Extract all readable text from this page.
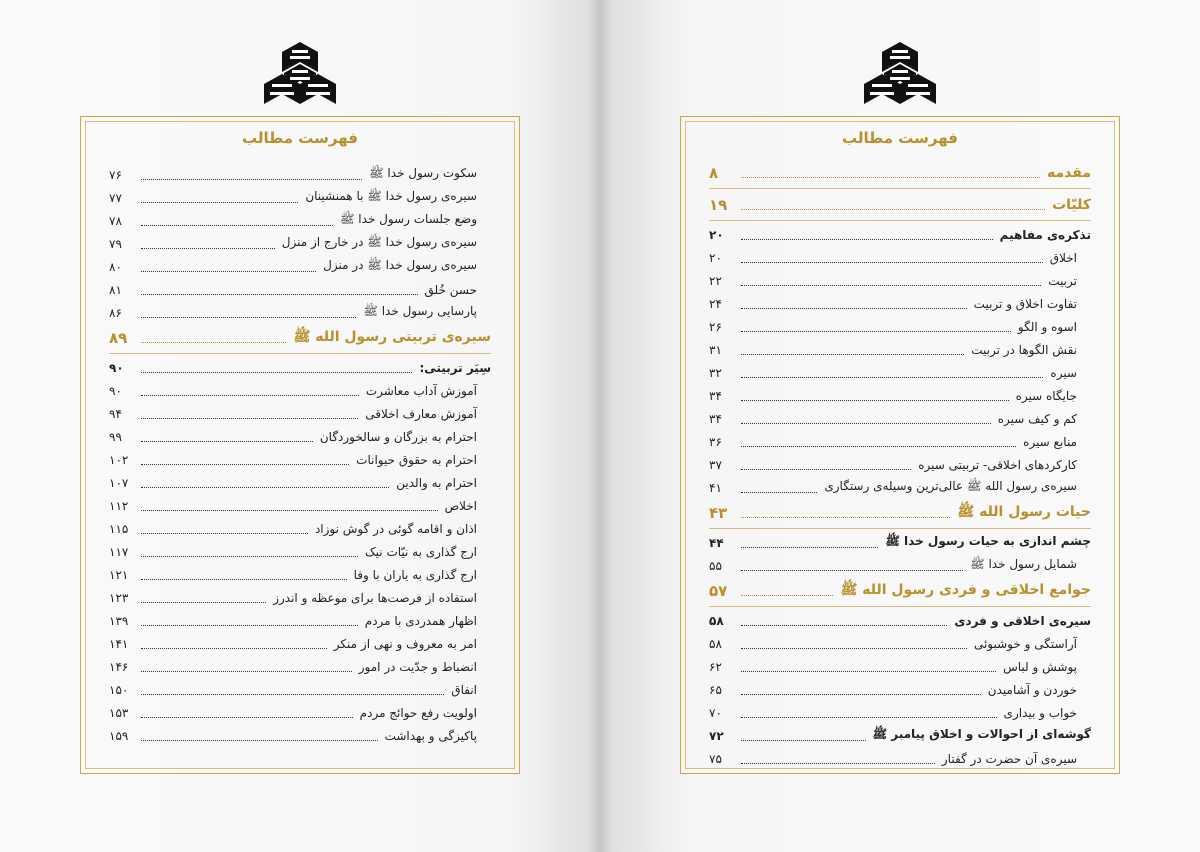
فهرست مطالب
سکوت رسول خدا ﷺ
۷۶
سیره‌ی رسول خدا ﷺ با همنشینان
۷۷
وضع جلسات رسول خدا ﷺ
۷۸
سیره‌ی رسول خدا ﷺ در خارج از منزل
۷۹
سیره‌ی رسول خدا ﷺ در منزل
۸۰
حسن خُلق
۸۱
پارسایی رسول خدا ﷺ
۸۶
سیره‌ی تربیتی رسول الله ﷺ
۸۹
سِیَر تربیتی:
۹۰
آموزش آداب معاشرت
۹۰
آموزش معارف اخلاقی
۹۴
احترام به بزرگان و سالخوردگان
۹۹
احترام به حقوق حیوانات
۱۰۲
احترام به والدین
۱۰۷
اخلاص
۱۱۲
اذان و اقامه گوئی در گوش نوزاد
۱۱۵
ارج گذاری به نیّات نیک
۱۱۷
ارج گذاری به یاران با وفا
۱۲۱
استفاده از فرصت‌ها برای موعظه و اندرز
۱۲۳
اظهار همدردی با مردم
۱۳۹
امر به معروف و نهی از منکر
۱۴۱
انضباط و جدّیت در امور
۱۴۶
انفاق
۱۵۰
اولویت رفع حوائج مردم
۱۵۳
پاکیزگی و بهداشت
۱۵۹
فهرست مطالب
مقدمه
۸
کلیّات
۱۹
تذکره‌ی مفاهیم
۲۰
اخلاق
۲۰
تربیت
۲۲
تفاوت اخلاق و تربیت
۲۴
اسوه و الگو
۲۶
نقش الگوها در تربیت
۳۱
سیره
۳۲
جایگاه سیره
۳۴
کم و کیف سیره
۳۴
منابع سیره
۳۶
کارکردهای اخلاقی- تربیتی سیره
۳۷
سیره‌ی رسول الله ﷺ عالی‌ترین وسیله‌ی رستگاری
۴۱
حیات رسول الله ﷺ
۴۳
چشم اندازی به حیات رسول خدا ﷺ
۴۴
شمایل رسول خدا ﷺ
۵۵
جوامع اخلاقی و فردی رسول الله ﷺ
۵۷
سیره‌ی اخلاقی و فردی
۵۸
آراستگی و خوشبوئی
۵۸
پوشش و لباس
۶۲
خوردن و آشامیدن
۶۵
خواب و بیداری
۷۰
گوشه‌ای از احوالات و اخلاق پیامبر ﷺ
۷۲
سیره‌ی آن حضرت در گفتار
۷۵
